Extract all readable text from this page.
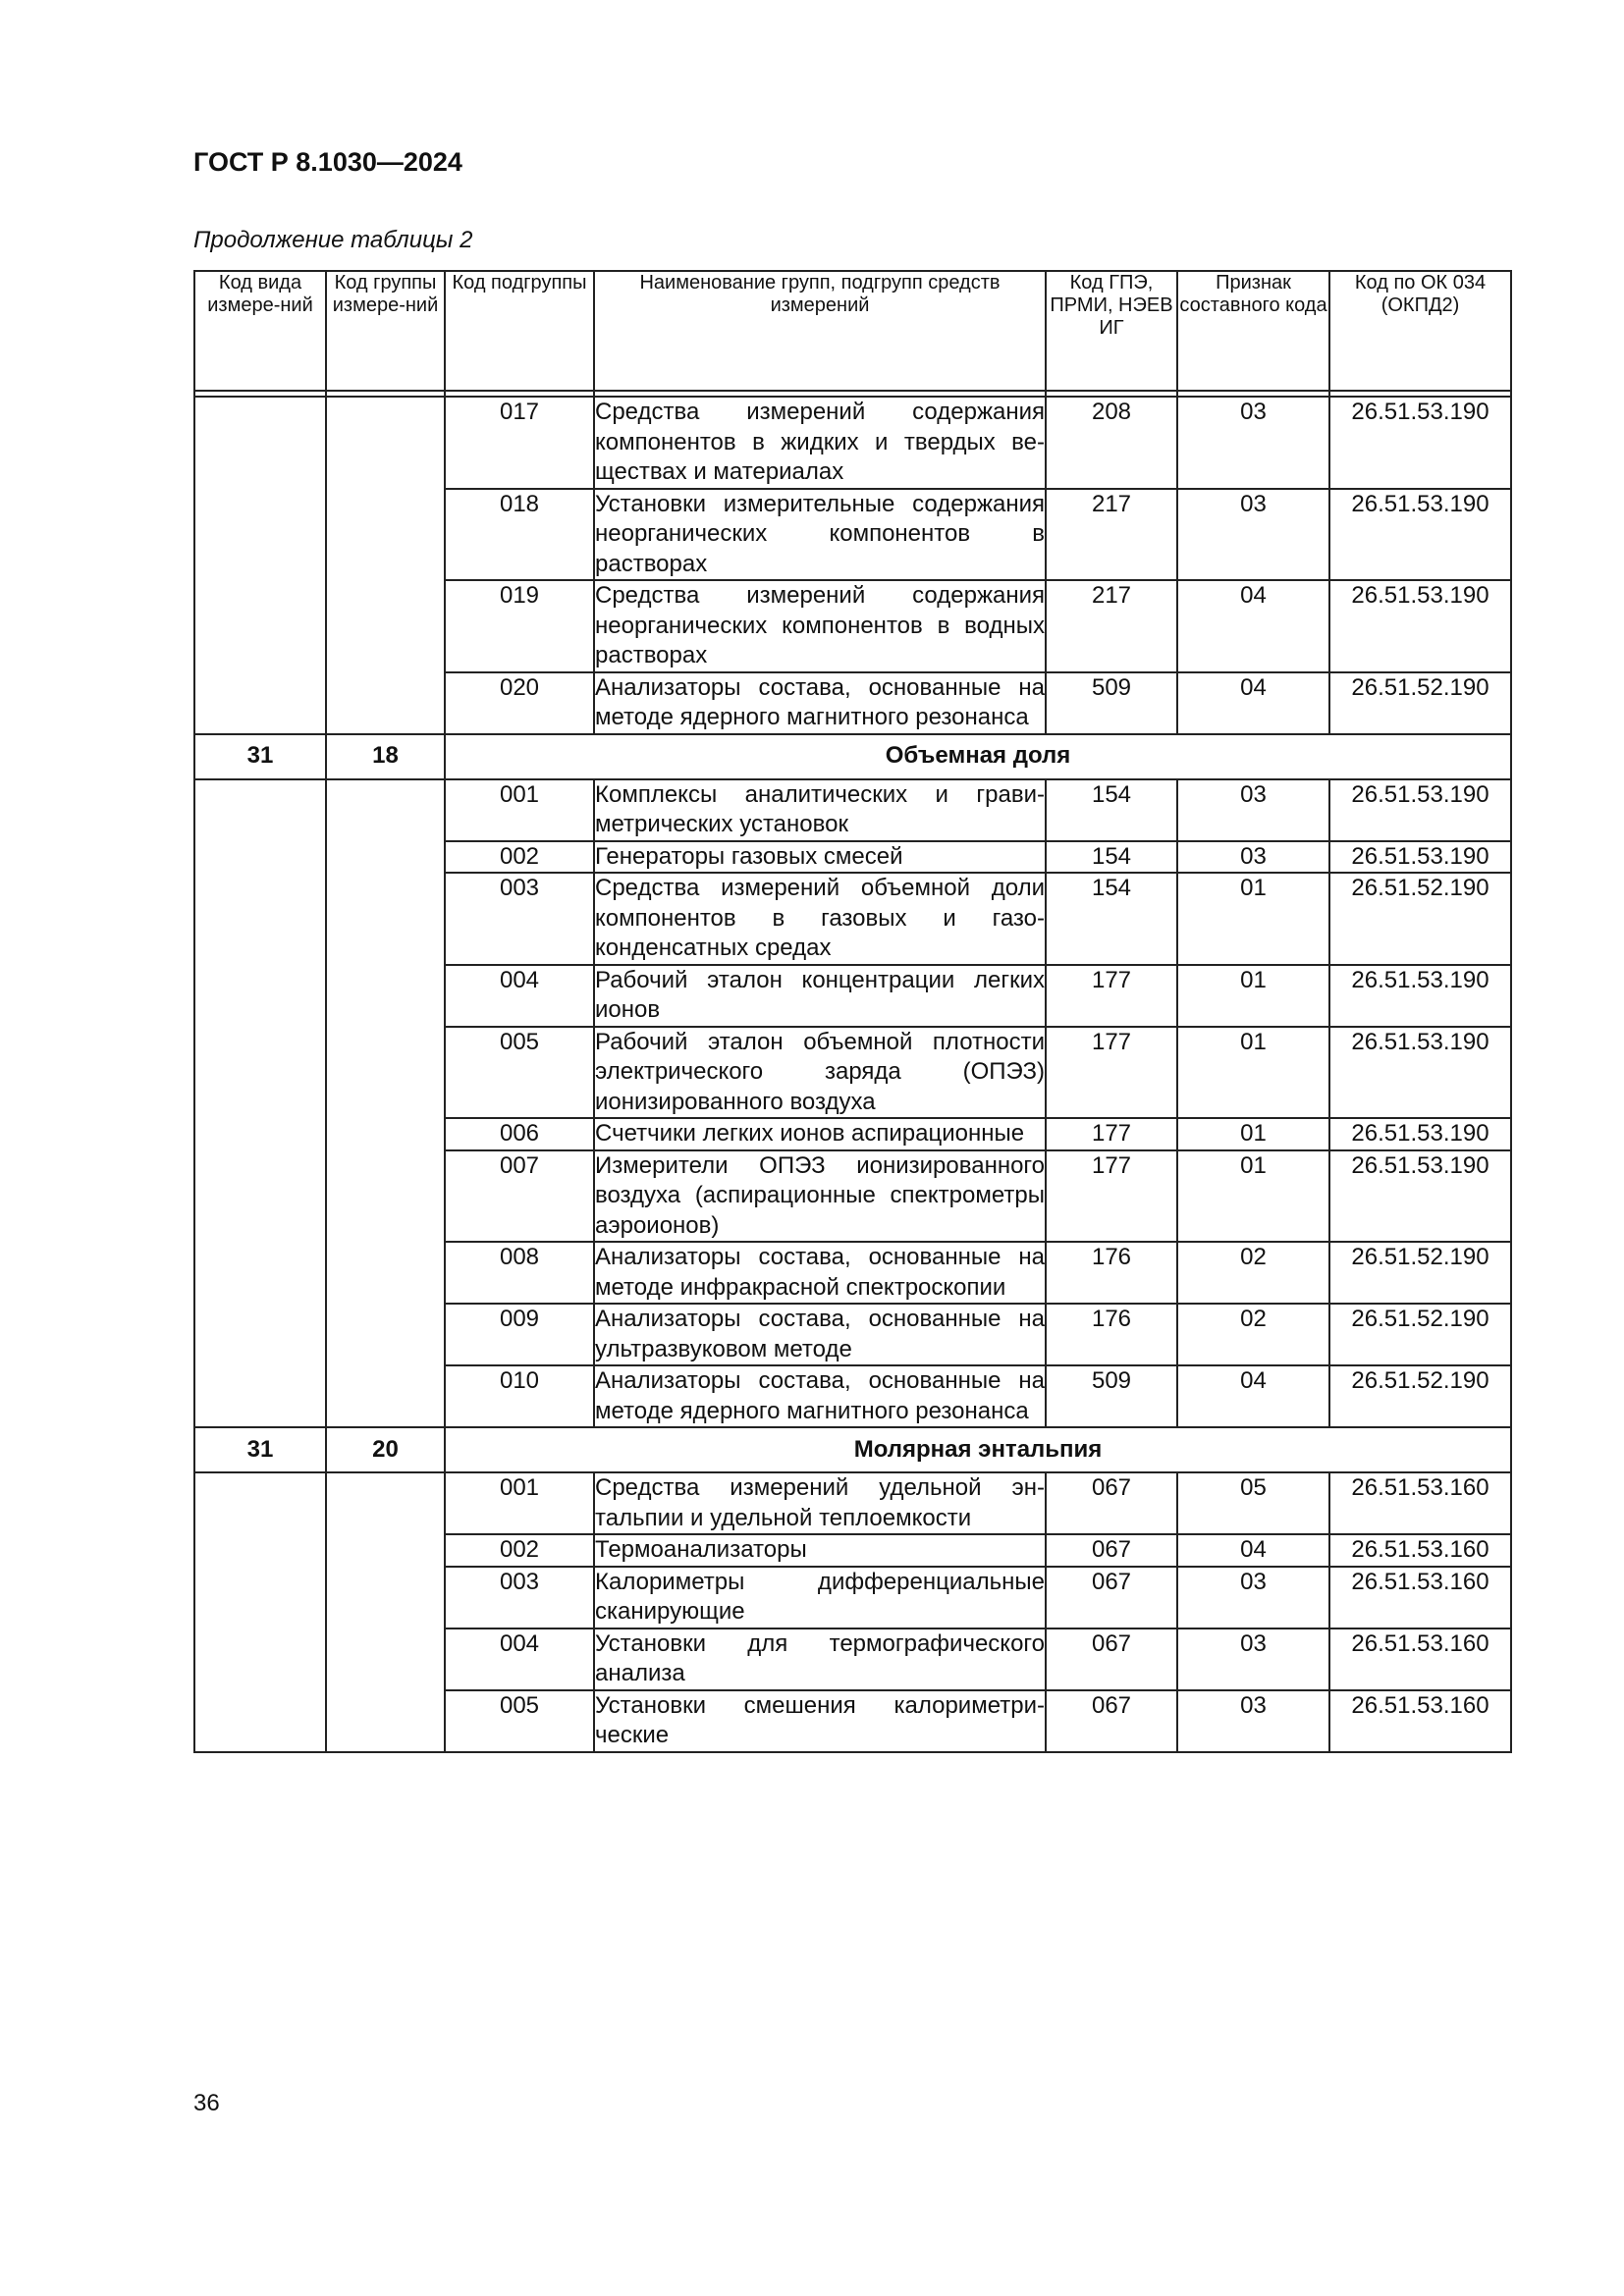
ГОСТ Р 8.1030—2024
Продолжение таблицы 2
Код вида измере-ний	Код группы измере-ний	Код подгруппы	Наименование групп, подгрупп средств измерений	Код ГПЭ, ПРМИ, НЭЕВ ИГ	Признак составного кода	Код по ОК 034 (ОКПД2)

		017	Средства измерений содержания компонентов в жидких и твердых веществах и материалах	208	03	26.51.53.190
		018	Установки измерительные содержания неорганических компонентов в растворах	217	03	26.51.53.190
		019	Средства измерений содержания неорганических компонентов в водных растворах	217	04	26.51.53.190
		020	Анализаторы состава, основанные на методе ядерного магнитного резонанса	509	04	26.51.52.190
31	18	Объемная доля				
		001	Комплексы аналитических и гравиметрических установок	154	03	26.51.53.190
		002	Генераторы газовых смесей	154	03	26.51.53.190
		003	Средства измерений объемной доли компонентов в газовых и газоконденсатных средах	154	01	26.51.52.190
		004	Рабочий эталон концентрации легких ионов	177	01	26.51.53.190
		005	Рабочий эталон объемной плотности электрического заряда (ОПЭЗ) ионизированного воздуха	177	01	26.51.53.190
		006	Счетчики легких ионов аспирационные	177	01	26.51.53.190
		007	Измерители ОПЭЗ ионизированного воздуха (аспирационные спектрометры аэроионов)	177	01	26.51.53.190
		008	Анализаторы состава, основанные на методе инфракрасной спектроскопии	176	02	26.51.52.190
		009	Анализаторы состава, основанные на ультразвуковом методе	176	02	26.51.52.190
		010	Анализаторы состава, основанные на методе ядерного магнитного резонанса	509	04	26.51.52.190
31	20	Молярная энтальпия				
		001	Средства измерений удельной энтальпии и удельной теплоемкости	067	05	26.51.53.160
		002	Термоанализаторы	067	04	26.51.53.160
		003	Калориметры дифференциальные сканирующие	067	03	26.51.53.160
		004	Установки для термографического анализа	067	03	26.51.53.160
		005	Установки смешения калориметрические	067	03	26.51.53.160
36
